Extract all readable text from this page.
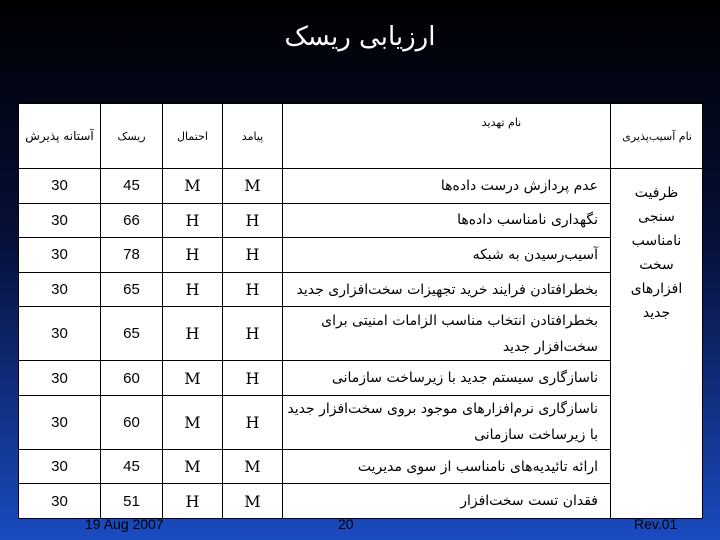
ارزیابی ریسک
آستانه پذیرش	ریسک	احتمال	پیامد	نام تهدید	نام آسیب‌پذیری
30	45	M	M	عدم پردازش درست داده‌ها	ظرفیت سنجی نامناسب سخت افزارهای جدید
30	66	H	H	نگهداری نامناسب داده‌ها	
30	78	H	H	آسیب‌رسیدن به شبکه	
30	65	H	H	بخطرافتادن فرایند خرید تجهیزات سخت‌افزاری جدید	
30	65	H	H	بخطرافتادن انتخاب مناسب الزامات امنیتی برای سخت‌افزار جدید	
30	60	M	H	ناسازگاری سیستم جدید با زیرساخت سازمانی	
30	60	M	H	ناسازگاری نرم‌افزارهای موجود بروی سخت‌افزار جدید با زیرساخت سازمانی	
30	45	M	M	ارائه تائیدیه‌های نامناسب از سوی مدیریت	
30	51	H	M	فقدان تست سخت‌افزار	
19 Aug 2007	20	Rev.01
